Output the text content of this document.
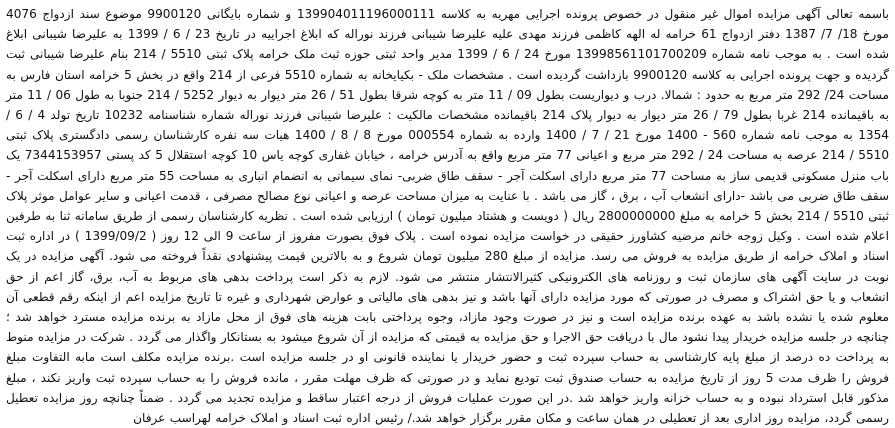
باسمه تعالی آگهی مزایده اموال غیر منقول در خصوص پرونده اجرایی مهریه به کلاسه 139904011196000111 و شماره بایگانی 9900120 موضوع سند ازدواج 4076 مورخ 18/ 7/ 1387 دفتر ازدواج 61 خرامه له الهه کاظمی فرزند مهدی علیه علیرضا شیبانی فرزند نوراله که ابلاغ اجراییه در تاریخ 23 / 6 / 1399 به علیرضا شیبانی ابلاغ شده است . به موجب نامه شماره 13998561101700209 مورخ 24 / 6 / 1399 مدیر واحد ثبتی حوزه ثبت ملک خرامه پلاک ثبتی 5510 / 214 بنام علیرضا شیبانی ثبت گردیده و جهت پرونده اجرایی به کلاسه 9900120 بازداشت گردیده است . مشخصات ملک - بکیایخانه به شماره 5510 فرعی از 214 واقع در بخش 5 خرامه استان فارس به مساحت 24/ 292 متر مربع به حدود : شمالا. درب و دیواریست بطول 09 / 11 متر به کوچه شرقا بطول 51 / 26 متر دیوار به دیوار 5252 / 214 جنوبا به طول 06 / 11 متر به باقیمانده 214 غربا بطول 79 / 26 متر دیوار به دیوار پلاک 214 باقیمانده مشخصات مالکیت : علیرضا شیبانی فرزند نوراله شماره شناسنامه 10232 تاریخ تولد 4 / 6 / 1354 به موجب نامه شماره 560 - 1400 مورخ 21 / 7 / 1400 وارده به شماره 000554 مورخ 8 / 8 / 1400 هیات سه نفره کارشناسان رسمی دادگستری پلاک ثبتی 5510 / 214 عرصه به مساحت 24 / 292 متر مربع و اعیانی 77 متر مربع واقع به آدرس خرامه ، خیابان غفاری کوچه یاس 10 کوچه استقلال 5 کد پستی 7344153957 یک باب منزل مسکونی قدیمی ساز به مساحت 77 متر مربع دارای اسکلت آجر - سقف طاق ضربی- نمای سیمانی به انضمام انباری به مساحت 55 متر مربع دارای اسکلت آجر - سقف طاق ضربی می باشد -دارای انشعاب آب ، برق ، گاز می باشد . با عنایت به میزان مساحت عرصه و اعیانی نوع مصالح مصرفی ، قدمت اعیانی و سایر عوامل موثر پلاک ثبتی 5510 / 214 بخش 5 خرامه به مبلغ 2800000000 ریال ( دویست و هشتاد میلیون تومان ) ارزیابی شده است . نظریه کارشناسان رسمی از طریق سامانه ثنا به طرفین اعلام شده است . وکیل زوجه خانم مرضیه کشاورز حقیقی در خواست مزایده نموده است . پلاک فوق بصورت مفروز از ساعت 9 الی 12 روز ( 1399/09/2 ) در اداره ثبت اسناد و املاک خرامه از طریق مزایده به فروش می رسد. مزایده از مبلغ 280 میلیون تومان شروع و به بالاترین قیمت پیشنهادی نقداً فروخته می شود. آگهی مزایده در یک نوبت در سایت آگهی های سازمان ثبت و روزنامه های الکترونیکی کثیرالانتشار منتشر می شود. لازم به ذکر است پرداخت بدهی های مربوط به آب، برق، گاز اعم از حق انشعاب و یا حق اشتراک و مصرف در صورتی که مورد مزایده دارای آنها باشد و نیز بدهی های مالیاتی و عوارض شهرداری و غیره تا تاریخ مزایده اعم از اینکه رقم قطعی آن معلوم شده یا نشده باشد به عهده برنده مزایده است و نیز در صورت وجود مازاد، وجوه پرداختی بابت هزینه های فوق از محل مازاد به برنده مزایده مسترد خواهد شد ؛ چنانچه در جلسه مزایده خریدار پیدا نشود مال با دریافت حق الاجرا و حق مزایده به قیمتی که مزایده از آن شروع میشود به بستانکار واگذار می گردد . شرکت در مزایده منوط به پرداخت ده درصد از مبلغ پایه کارشناسی به حساب سپرده ثبت و حضور خریدار یا نماینده قانونی او در جلسه مزایده است .برنده مزایده مکلف است مابه التفاوت مبلغ فروش را ظرف مدت 5 روز از تاریخ مزایده به حساب صندوق ثبت تودیع نماید و در صورتی که ظرف مهلت مقرر ، مانده فروش را به حساب سپرده ثبت واریز نکند ، مبلغ مذکور قابل استرداد نبوده و به حساب خزانه واریز خواهد شد .در این صورت عملیات فروش از درجه اعتبار ساقط و مزایده تجدید می گردد . ضمناً چنانچه روز مزایده تعطیل رسمی گردد، مزایده روز اداری بعد از تعطیلی در همان ساعت و مکان مقرر برگزار خواهد شد./ رئیس اداره ثبت اسناد و املاک خرامه لهراسب عرفان
